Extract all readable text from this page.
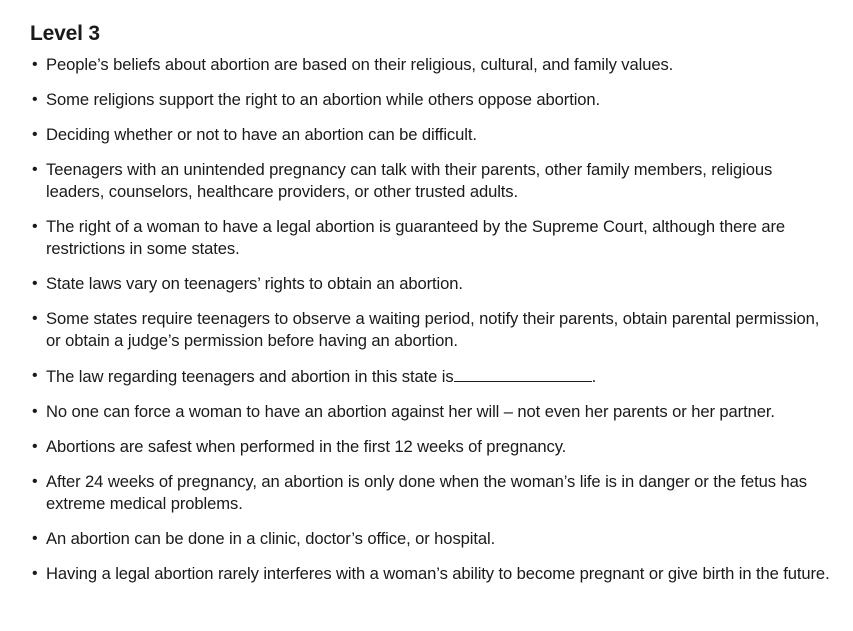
Level 3
• People’s beliefs about abortion are based on their religious, cultural, and family values.
• Some religions support the right to an abortion while others oppose abortion.
• Deciding whether or not to have an abortion can be difficult.
• Teenagers with an unintended pregnancy can talk with their parents, other family members, religious leaders, counselors, healthcare providers, or other trusted adults.
• The right of a woman to have a legal abortion is guaranteed by the Supreme Court, although there are restrictions in some states.
• State laws vary on teenagers’ rights to obtain an abortion.
• Some states require teenagers to observe a waiting period, notify their parents, obtain parental permission, or obtain a judge’s permission before having an abortion.
• The law regarding teenagers and abortion in this state is	.
• No one can force a woman to have an abortion against her will – not even her parents or her partner.
• Abortions are safest when performed in the first 12 weeks of pregnancy.
• After 24 weeks of pregnancy, an abortion is only done when the woman’s life is in danger or the fetus has extreme medical problems.
• An abortion can be done in a clinic, doctor’s office, or hospital.
• Having a legal abortion rarely interferes with a woman’s ability to become pregnant or give birth in the future.
